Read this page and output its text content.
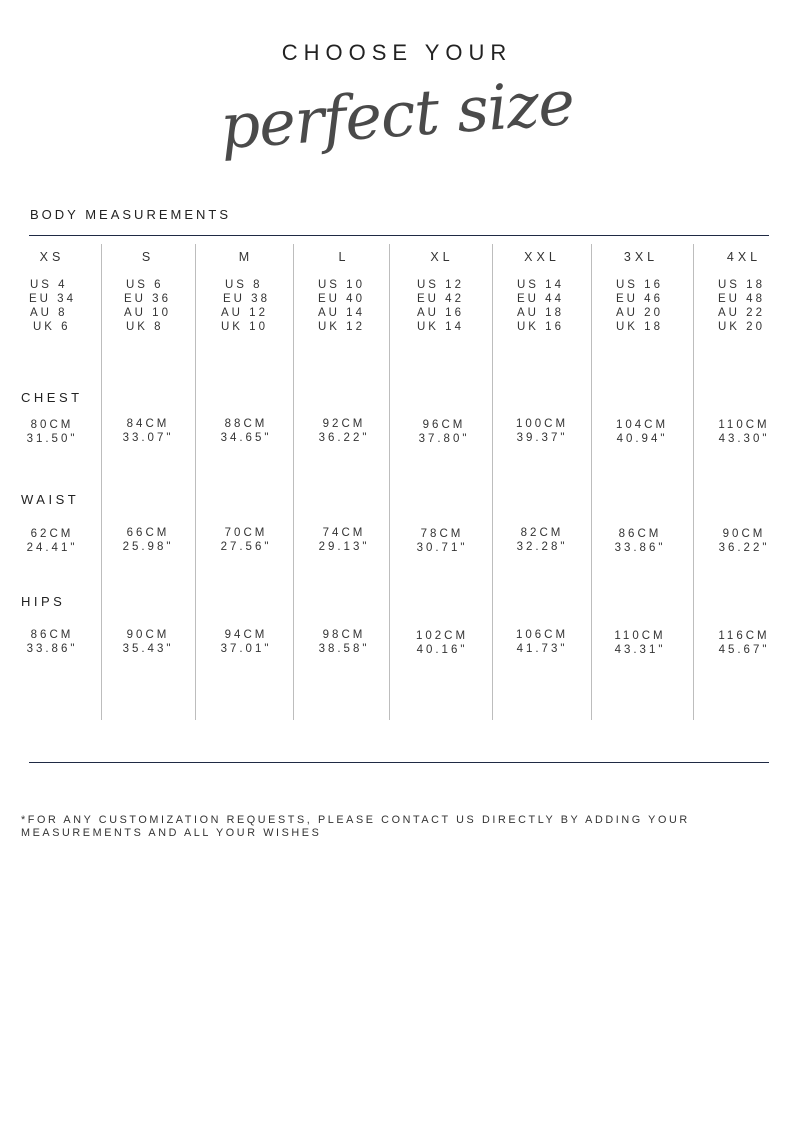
CHOOSE YOUR
perfect size
BODY MEASUREMENTS
CHEST
WAIST
HIPS
XS
US 4
EU 34
AU 8
UK 6
80CM
31.50"
62CM
24.41"
86CM
33.86"
S
US 6
EU 36
AU 10
UK 8
84CM
33.07"
66CM
25.98"
90CM
35.43"
M
US 8
EU 38
AU 12
UK 10
88CM
34.65"
70CM
27.56"
94CM
37.01"
L
US 10
EU 40
AU 14
UK 12
92CM
36.22"
74CM
29.13"
98CM
38.58"
XL
US 12
EU 42
AU 16
UK 14
96CM
37.80"
78CM
30.71"
102CM
40.16"
XXL
US 14
EU 44
AU 18
UK 16
100CM
39.37"
82CM
32.28"
106CM
41.73"
3XL
US 16
EU 46
AU 20
UK 18
104CM
40.94"
86CM
33.86"
110CM
43.31"
4XL
US 18
EU 48
AU 22
UK 20
110CM
43.30"
90CM
36.22"
116CM
45.67"
*FOR ANY CUSTOMIZATION REQUESTS, PLEASE CONTACT US DIRECTLY BY ADDING YOUR MEASUREMENTS AND ALL YOUR WISHES
